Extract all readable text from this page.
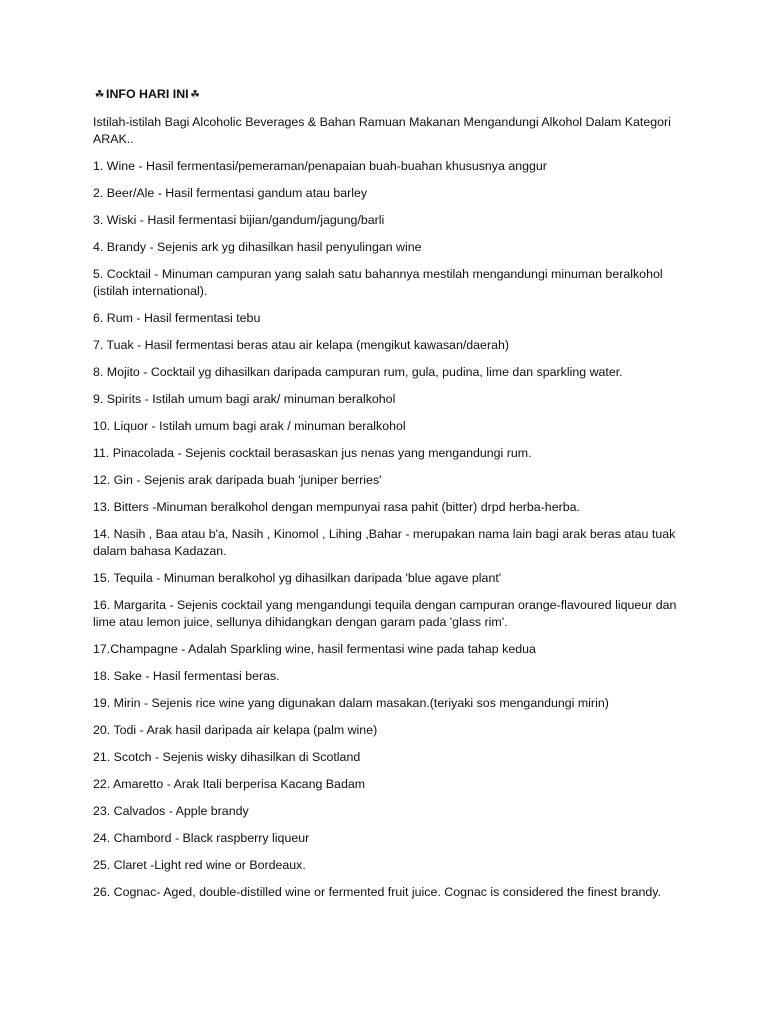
☘ INFO HARI INI ☘
Istilah-istilah Bagi Alcoholic Beverages & Bahan Ramuan Makanan Mengandungi Alkohol Dalam Kategori ARAK..
1. Wine - Hasil fermentasi/pemeraman/penapaian buah-buahan khususnya anggur
2. Beer/Ale - Hasil fermentasi gandum atau barley
3. Wiski - Hasil fermentasi bijian/gandum/jagung/barli
4. Brandy - Sejenis ark yg dihasilkan hasil penyulingan wine
5. Cocktail - Minuman campuran yang salah satu bahannya mestilah mengandungi minuman beralkohol (istilah international).
6. Rum - Hasil fermentasi tebu
7. Tuak - Hasil fermentasi beras atau air kelapa (mengikut kawasan/daerah)
8. Mojito - Cocktail yg dihasilkan daripada campuran rum, gula, pudina, lime dan sparkling water.
9. Spirits - Istilah umum bagi arak/ minuman beralkohol
10. Liquor - Istilah umum bagi arak / minuman beralkohol
11. Pinacolada - Sejenis cocktail berasaskan jus nenas yang mengandungi rum.
12. Gin - Sejenis arak daripada buah 'juniper berries'
13. Bitters -Minuman beralkohol dengan mempunyai rasa pahit (bitter) drpd herba-herba.
14. Nasih , Baa atau b'a, Nasih , Kinomol , Lihing ,Bahar - merupakan nama lain bagi arak beras atau tuak dalam bahasa Kadazan.
15. Tequila - Minuman beralkohol yg dihasilkan daripada 'blue agave plant'
16. Margarita - Sejenis cocktail yang mengandungi tequila dengan campuran orange-flavoured liqueur dan lime atau lemon juice, sellunya dihidangkan dengan garam pada 'glass rim'.
17.Champagne - Adalah Sparkling wine, hasil fermentasi wine pada tahap kedua
18. Sake - Hasil fermentasi beras.
19. Mirin - Sejenis rice wine yang digunakan dalam masakan.(teriyaki sos mengandungi mirin)
20. Todi - Arak hasil daripada air kelapa (palm wine)
21. Scotch - Sejenis wisky dihasilkan di Scotland
22. Amaretto - Arak Itali berperisa Kacang Badam
23. Calvados - Apple brandy
24. Chambord - Black raspberry liqueur
25. Claret -Light red wine or Bordeaux.
26. Cognac- Aged, double-distilled wine or fermented fruit juice. Cognac is considered the finest brandy.
